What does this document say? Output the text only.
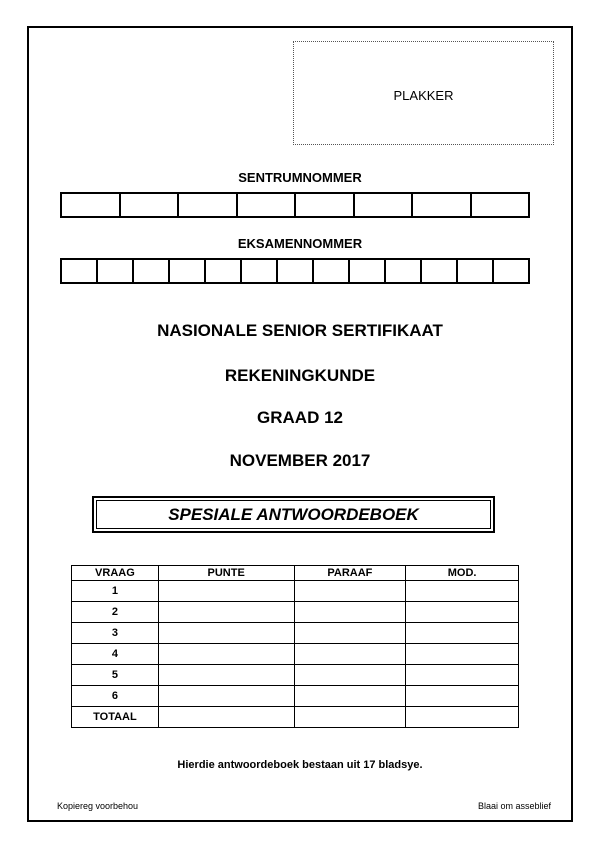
PLAKKER
SENTRUMNOMMER
EKSAMENNOMMER
NASIONALE SENIOR SERTIFIKAAT
REKENINGKUNDE
GRAAD 12
NOVEMBER 2017
SPESIALE ANTWOORDEBOEK
VRAAG	PUNTE	PARAAF	MOD.
1			
2			
3			
4			
5			
6			
TOTAAL			
Hierdie antwoordeboek bestaan uit 17 bladsye.
Kopiereg voorbehou	Blaai om asseblief
